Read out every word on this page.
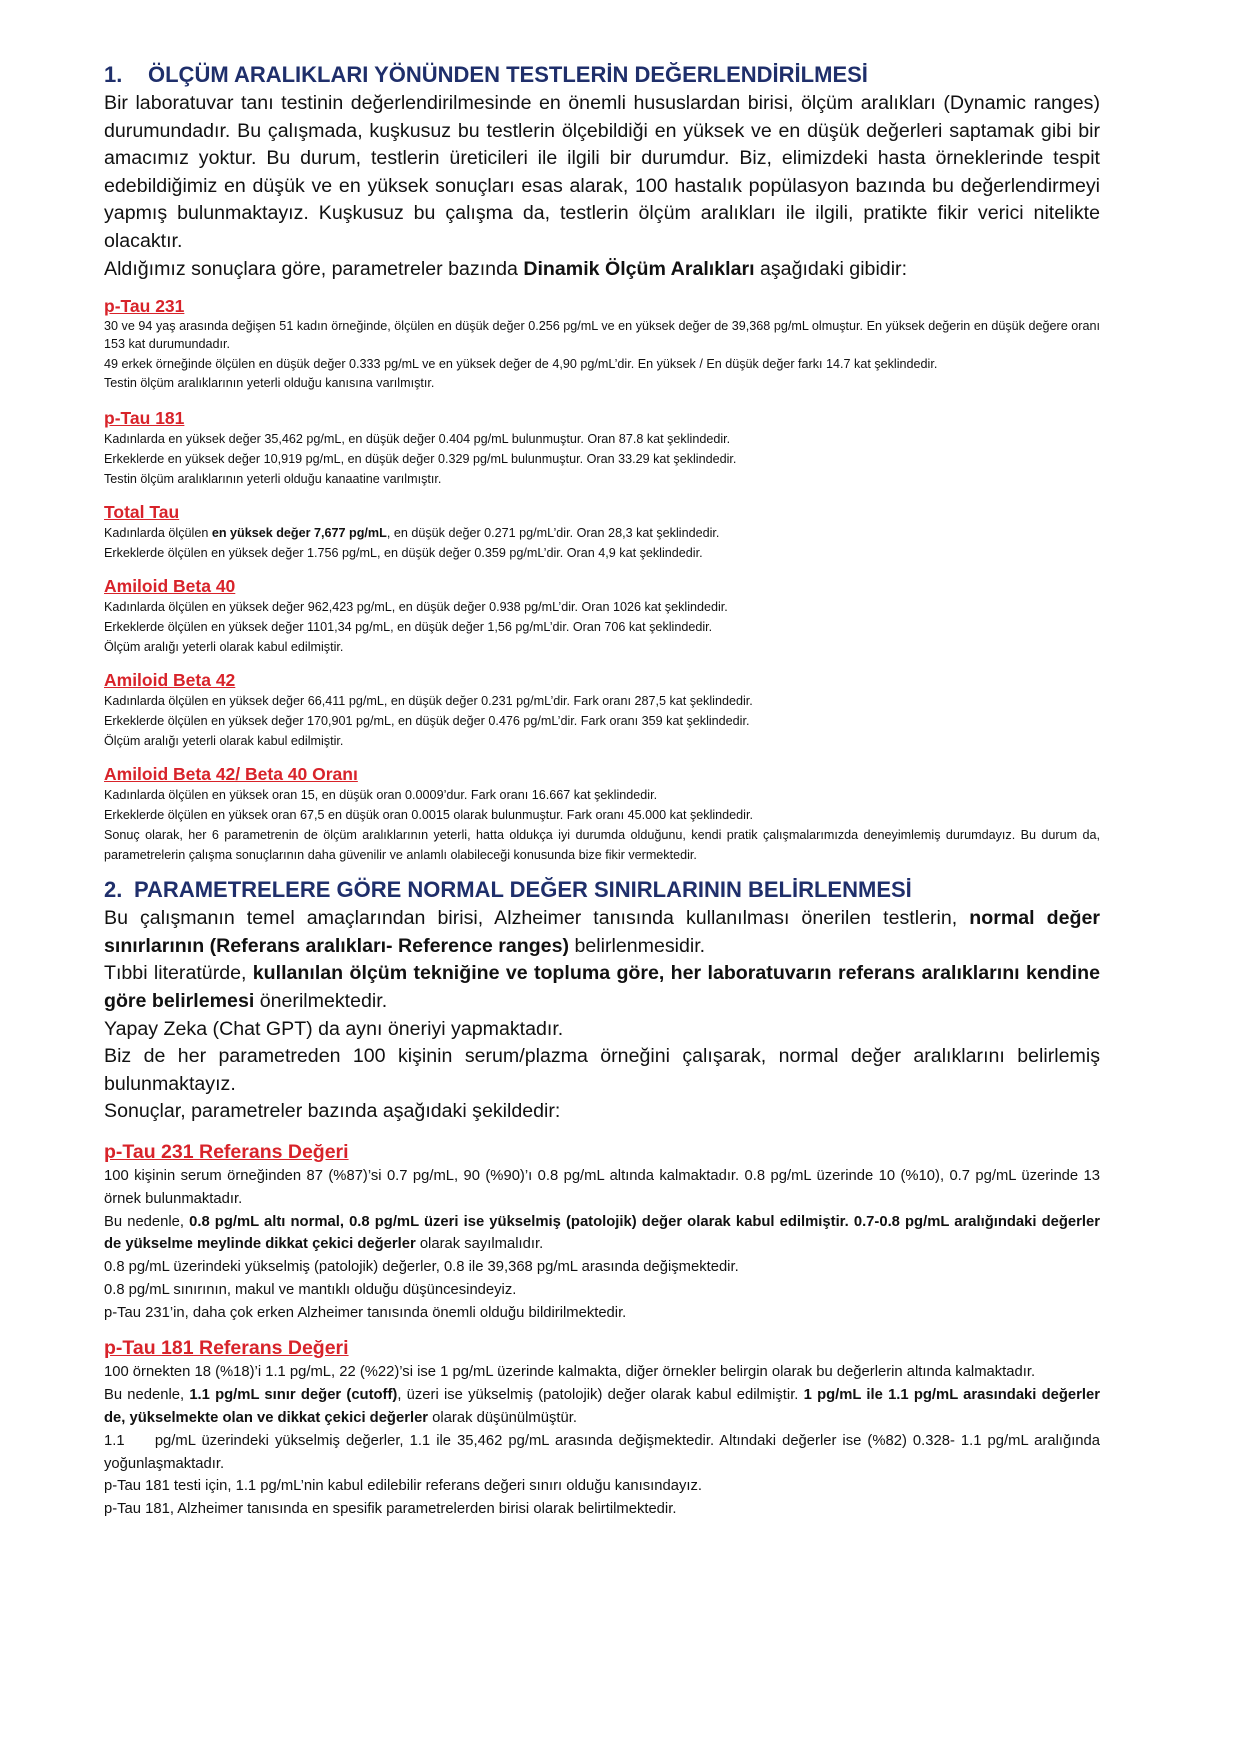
1. ÖLÇÜM ARALIKLARI YÖNÜNDEN TESTLERİN DEĞERLENDİRİLMESİ

Bir laboratuvar tanı testinin değerlendirilmesinde en önemli hususlardan birisi, ölçüm aralıkları (Dynamic ranges) durumundadır. Bu çalışmada, kuşkusuz bu testlerin ölçebildiği en yüksek ve en düşük değerleri saptamak gibi bir amacımız yoktur. Bu durum, testlerin üreticileri ile ilgili bir durumdur. Biz, elimizdeki hasta örneklerinde tespit edebildiğimiz en düşük ve en yüksek sonuçları esas alarak, 100 hastalık popülasyon bazında bu değerlendirmeyi yapmış bulunmaktayız. Kuşkusuz bu çalışma da, testlerin ölçüm aralıkları ile ilgili, pratikte fikir verici nitelikte olacaktır.

Aldığımız sonuçlara göre, parametreler bazında Dinamik Ölçüm Aralıkları aşağıdaki gibidir:

p-Tau 231

30 ve 94 yaş arasında değişen 51 kadın örneğinde, ölçülen en düşük değer 0.256 pg/mL ve en yüksek değer de 39,368 pg/mL olmuştur. En yüksek değerin en düşük değere oranı 153 kat durumundadır.

49 erkek örneğinde ölçülen en düşük değer 0.333 pg/mL ve en yüksek değer de 4,90 pg/mL’dir. En yüksek / En düşük değer farkı 14.7 kat şeklindedir.

Testin ölçüm aralıklarının yeterli olduğu kanısına varılmıştır.

p-Tau 181

Kadınlarda en yüksek değer 35,462 pg/mL, en düşük değer 0.404 pg/mL bulunmuştur. Oran 87.8 kat şeklindedir.

Erkeklerde en yüksek değer 10,919 pg/mL, en düşük değer 0.329 pg/mL bulunmuştur. Oran 33.29 kat şeklindedir.

Testin ölçüm aralıklarının yeterli olduğu kanaatine varılmıştır.

Total Tau

Kadınlarda ölçülen en yüksek değer 7,677 pg/mL, en düşük değer 0.271 pg/mL’dir. Oran 28,3 kat şeklindedir.

Erkeklerde ölçülen en yüksek değer 1.756 pg/mL, en düşük değer 0.359 pg/mL’dir. Oran 4,9 kat şeklindedir.

Amiloid Beta 40

Kadınlarda ölçülen en yüksek değer 962,423 pg/mL, en düşük değer 0.938 pg/mL’dir. Oran 1026 kat şeklindedir.

Erkeklerde ölçülen en yüksek değer 1101,34 pg/mL, en düşük değer 1,56 pg/mL’dir. Oran 706 kat şeklindedir.

Ölçüm aralığı yeterli olarak kabul edilmiştir.

Amiloid Beta 42

Kadınlarda ölçülen en yüksek değer 66,411 pg/mL, en düşük değer 0.231 pg/mL’dir. Fark oranı 287,5 kat şeklindedir.

Erkeklerde ölçülen en yüksek değer 170,901 pg/mL, en düşük değer 0.476 pg/mL’dir. Fark oranı 359 kat şeklindedir.

Ölçüm aralığı yeterli olarak kabul edilmiştir.

Amiloid Beta 42/ Beta 40 Oranı

Kadınlarda ölçülen en yüksek oran 15, en düşük oran 0.0009’dur. Fark oranı 16.667 kat şeklindedir.

Erkeklerde ölçülen en yüksek oran 67,5 en düşük oran 0.0015 olarak bulunmuştur. Fark oranı 45.000 kat şeklindedir.

Sonuç olarak, her 6 parametrenin de ölçüm aralıklarının yeterli, hatta oldukça iyi durumda olduğunu, kendi pratik çalışmalarımızda deneyimlemiş durumdayız. Bu durum da, parametrelerin çalışma sonuçlarının daha güvenilir ve anlamlı olabileceği konusunda bize fikir vermektedir.

2. PARAMETRELERE GÖRE NORMAL DEĞER SINIRLARININ BELİRLENMESİ

Bu çalışmanın temel amaçlarından birisi, Alzheimer tanısında kullanılması önerilen testlerin, normal değer sınırlarının (Referans aralıkları- Reference ranges) belirlenmesidir.

Tıbbi literatürde, kullanılan ölçüm tekniğine ve topluma göre, her laboratuvarın referans aralıklarını kendine göre belirlemesi önerilmektedir.

Yapay Zeka (Chat GPT) da aynı öneriyi yapmaktadır.

Biz de her parametreden 100 kişinin serum/plazma örneğini çalışarak, normal değer aralıklarını belirlemiş bulunmaktayız.

Sonuçlar, parametreler bazında aşağıdaki şekildedir:

p-Tau 231 Referans Değeri

100 kişinin serum örneğinden 87 (%87)’si 0.7 pg/mL, 90 (%90)’ı 0.8 pg/mL altında kalmaktadır. 0.8 pg/mL üzerinde 10 (%10), 0.7 pg/mL üzerinde 13 örnek bulunmaktadır.

Bu nedenle, 0.8 pg/mL altı normal, 0.8 pg/mL üzeri ise yükselmiş (patolojik) değer olarak kabul edilmiştir. 0.7-0.8 pg/mL aralığındaki değerler de yükselme meylinde dikkat çekici değerler olarak sayılmalıdır.

0.8 pg/mL üzerindeki yükselmiş (patolojik) değerler, 0.8 ile 39,368 pg/mL arasında değişmektedir.

0.8 pg/mL sınırının, makul ve mantıklı olduğu düşüncesindeyiz.

p-Tau 231’in, daha çok erken Alzheimer tanısında önemli olduğu bildirilmektedir.

p-Tau 181 Referans Değeri

100 örnekten 18 (%18)’i 1.1 pg/mL, 22 (%22)’si ise 1 pg/mL üzerinde kalmakta, diğer örnekler belirgin olarak bu değerlerin altında kalmaktadır.

Bu nedenle, 1.1 pg/mL sınır değer (cutoff), üzeri ise yükselmiş (patolojik) değer olarak kabul edilmiştir. 1 pg/mL ile 1.1 pg/mL arasındaki değerler de, yükselmekte olan ve dikkat çekici değerler olarak düşünülmüştür.

1.1     pg/mL üzerindeki yükselmiş değerler, 1.1 ile 35,462 pg/mL arasında değişmektedir. Altındaki değerler ise (%82) 0.328- 1.1 pg/mL aralığında yoğunlaşmaktadır.

p-Tau 181 testi için, 1.1 pg/mL’nin kabul edilebilir referans değeri sınırı olduğu kanısındayız.

p-Tau 181, Alzheimer tanısında en spesifik parametrelerden birisi olarak belirtilmektedir.
